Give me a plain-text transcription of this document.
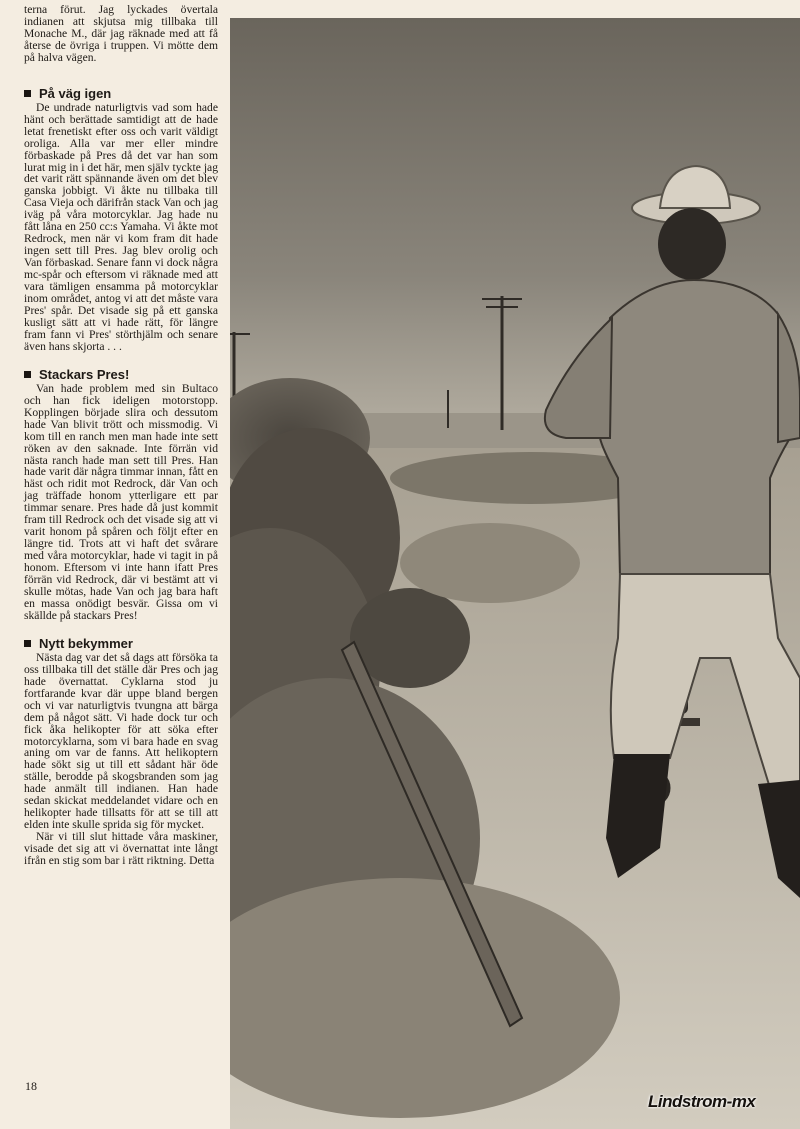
terna förut. Jag lyckades övertala indianen att skjutsa mig tillbaka till Monache M., där jag räknade med att få återse de övriga i truppen. Vi mötte dem på halva vägen.

På väg igen

De undrade naturligtvis vad som hade hänt och berättade samtidigt att de hade letat frenetiskt efter oss och varit väldigt oroliga. Alla var mer eller mindre förbaskade på Pres då det var han som lurat mig in i det här, men själv tyckte jag det varit rätt spännande även om det blev ganska jobbigt. Vi åkte nu tillbaka till Casa Vieja och därifrån stack Van och jag iväg på våra motorcyklar. Jag hade nu fått låna en 250 cc:s Yamaha. Vi åkte mot Redrock, men när vi kom fram dit hade ingen sett till Pres. Jag blev orolig och Van förbaskad. Senare fann vi dock några mc-spår och eftersom vi räknade med att vara tämligen ensamma på motorcyklar inom området, antog vi att det måste vara Pres' spår. Det visade sig på ett ganska kusligt sätt att vi hade rätt, för längre fram fann vi Pres' störthjälm och senare även hans skjorta . . .

Stackars Pres!

Van hade problem med sin Bultaco och han fick ideligen motorstopp. Kopplingen började slira och dessutom hade Van blivit trött och missmodig. Vi kom till en ranch men man hade inte sett röken av den saknade. Inte förrän vid nästa ranch hade man sett till Pres. Han hade varit där några timmar innan, fått en häst och ridit mot Redrock, där Van och jag träffade honom ytterligare ett par timmar senare. Pres hade då just kommit fram till Redrock och det visade sig att vi varit honom på spåren och följt efter en längre tid. Trots att vi haft det svårare med våra motorcyklar, hade vi tagit in på honom. Eftersom vi inte hann ifatt Pres förrän vid Redrock, där vi bestämt att vi skulle mötas, hade Van och jag bara haft en massa onödigt besvär. Gissa om vi skällde på stackars Pres!

Nytt bekymmer

Nästa dag var det så dags att försöka ta oss tillbaka till det ställe där Pres och jag hade övernattat. Cyklarna stod ju fortfarande kvar där uppe bland bergen och vi var naturligtvis tvungna att bärga dem på något sätt. Vi hade dock tur och fick åka helikopter för att söka efter motorcyklarna, som vi bara hade en svag aning om var de fanns. Att helikoptern hade sökt sig ut till ett sådant här öde ställe, berodde på skogsbranden som jag hade anmält till indianen. Han hade sedan skickat meddelandet vidare och en helikopter hade tillsatts för att se till att elden inte skulle sprida sig för mycket.

När vi till slut hittade våra maskiner, visade det sig att vi övernattat inte långt ifrån en stig som bar i rätt riktning. Detta

18
Lindstrom-mx
